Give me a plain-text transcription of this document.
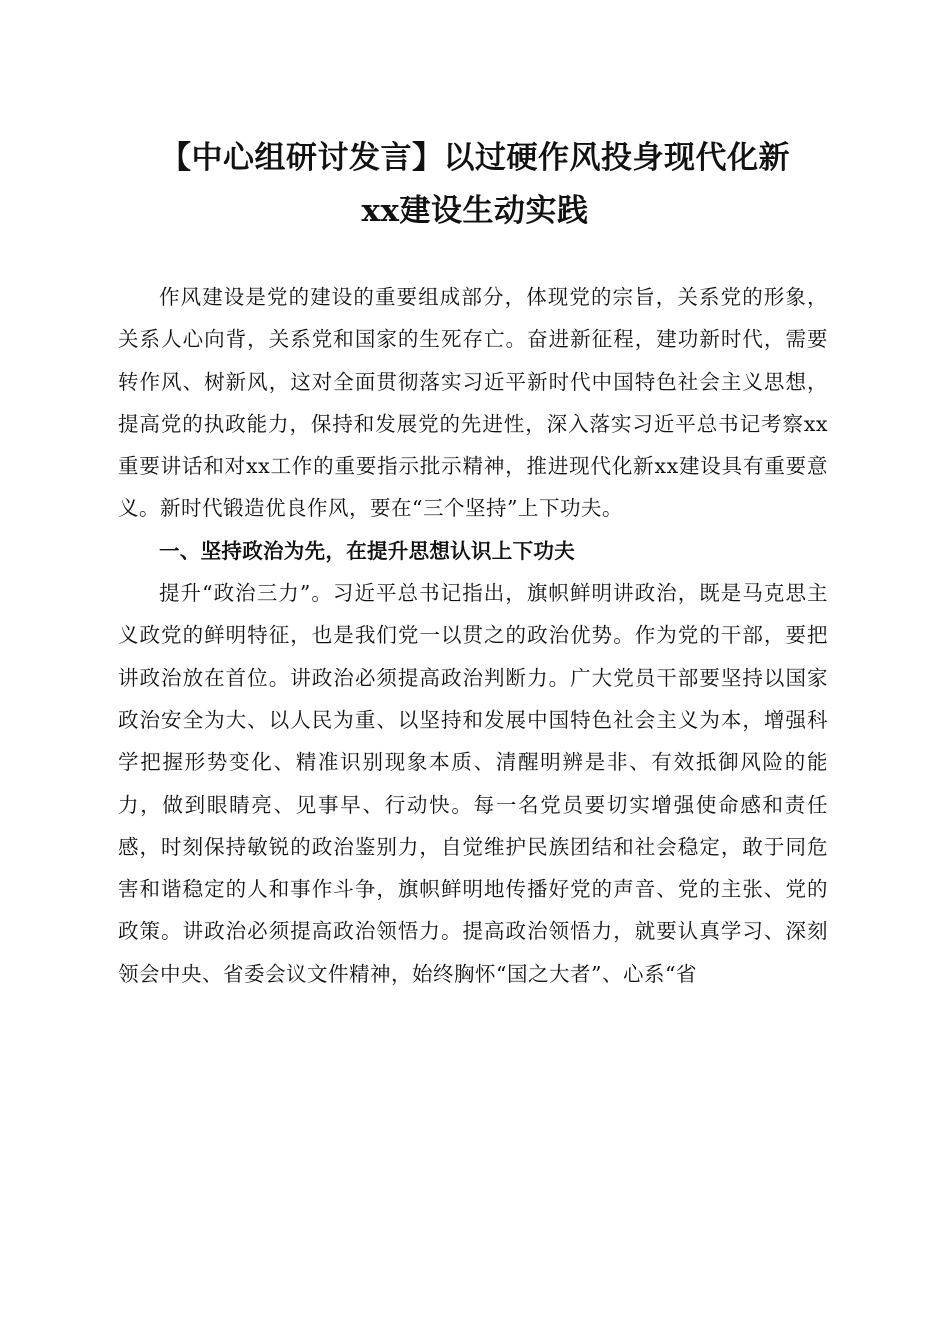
【中心组研讨发言】以过硬作风投身现代化新
xx建设生动实践

作风建设是党的建设的重要组成部分，体现党的宗旨，关系党的形象，关系人心向背，关系党和国家的生死存亡。奋进新征程，建功新时代，需要转作风、树新风，这对全面贯彻落实习近平新时代中国特色社会主义思想，提高党的执政能力，保持和发展党的先进性，深入落实习近平总书记考察xx重要讲话和对xx工作的重要指示批示精神，推进现代化新xx建设具有重要意义。新时代锻造优良作风，要在“三个坚持”上下功夫。

一、坚持政治为先，在提升思想认识上下功夫

提升“政治三力”。习近平总书记指出，旗帜鲜明讲政治，既是马克思主义政党的鲜明特征，也是我们党一以贯之的政治优势。作为党的干部，要把讲政治放在首位。讲政治必须提高政治判断力。广大党员干部要坚持以国家政治安全为大、以人民为重、以坚持和发展中国特色社会主义为本，增强科学把握形势变化、精准识别现象本质、清醒明辨是非、有效抵御风险的能力，做到眼睛亮、见事早、行动快。每一名党员要切实增强使命感和责任感，时刻保持敏锐的政治鉴别力，自觉维护民族团结和社会稳定，敢于同危害和谐稳定的人和事作斗争，旗帜鲜明地传播好党的声音、党的主张、党的政策。讲政治必须提高政治领悟力。提高政治领悟力，就要认真学习、深刻领会中央、省委会议文件精神，始终胸怀“国之大者”、心系“省
